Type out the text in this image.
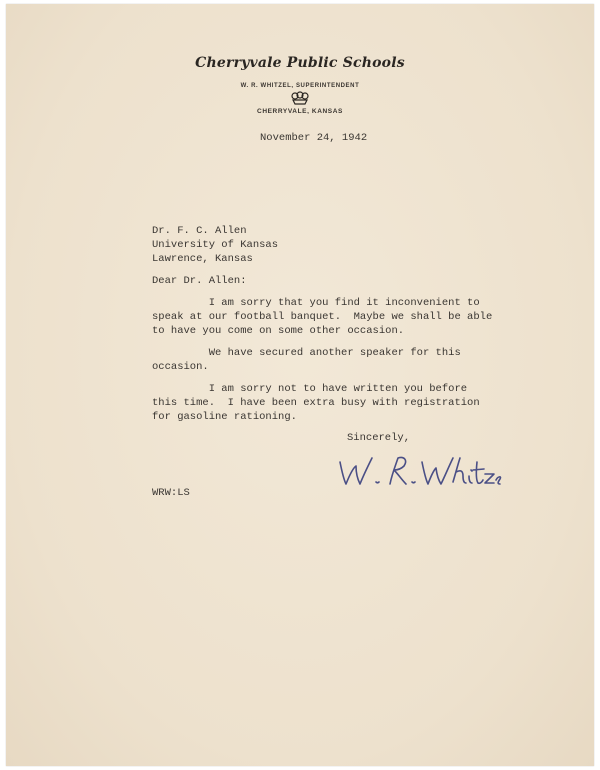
Cherryvale Public Schools
W. R. WHITZEL, SUPERINTENDENT
CHERRYVALE, KANSAS
November 24, 1942
Dr. F. C. Allen
University of Kansas
Lawrence, Kansas
Dear Dr. Allen:
I am sorry that you find it inconvenient to
speak at our football banquet.  Maybe we shall be able
to have you come on some other occasion.
We have secured another speaker for this
occasion.
I am sorry not to have written you before
this time.  I have been extra busy with registration
for gasoline rationing.
Sincerely,
WRW:LS
